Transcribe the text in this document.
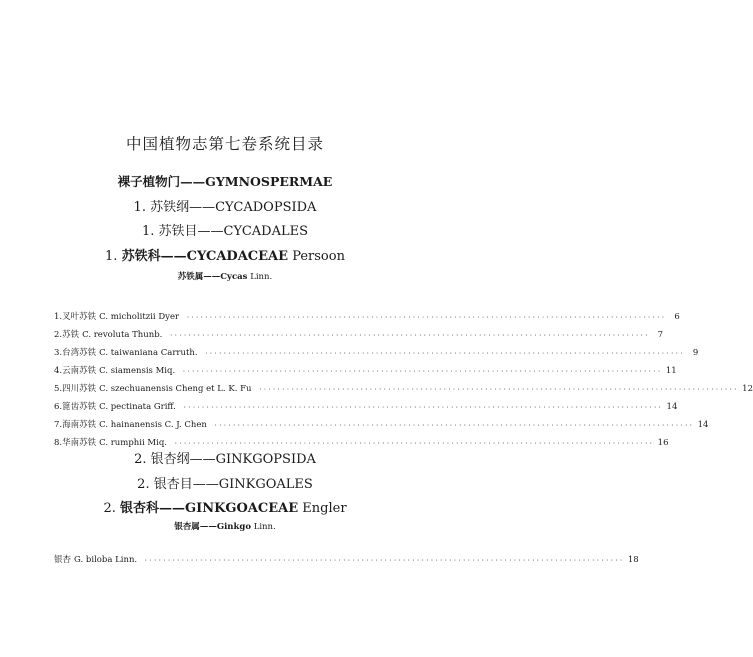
中国植物志第七卷系统目录
裸子植物门——GYMNOSPERMAE
1. 苏铁纲——CYCADOPSIDA
1. 苏铁目——CYCADALES
1. 苏铁科——CYCADACEAE Persoon
苏铁属——Cycas Linn.
1. 叉叶苏铁 C. micholitzii Dyer ········································································································	6
2. 苏铁 C. revoluta Thunb. ········································································································	7
3. 台湾苏铁 C. taiwaniana Carruth. ········································································································	9
4. 云南苏铁 C. siamensis Miq. ········································································································ 11
5. 四川苏铁 C. szechuanensis Cheng et L. K. Fu ········································································································ 12
6. 篦齿苏铁 C. pectinata Griff. ········································································································ 14
7. 海南苏铁 C. hainanensis C. J. Chen ········································································································ 14
8. 华南苏铁 C. rumphii Miq. ········································································································ 16
2. 银杏纲——GINKGOPSIDA
2. 银杏目——GINKGOALES
2. 银杏科——GINKGOACEAE Engler
银杏属——Ginkgo Linn.
银杏 G. biloba Linn. ········································································································ 18
